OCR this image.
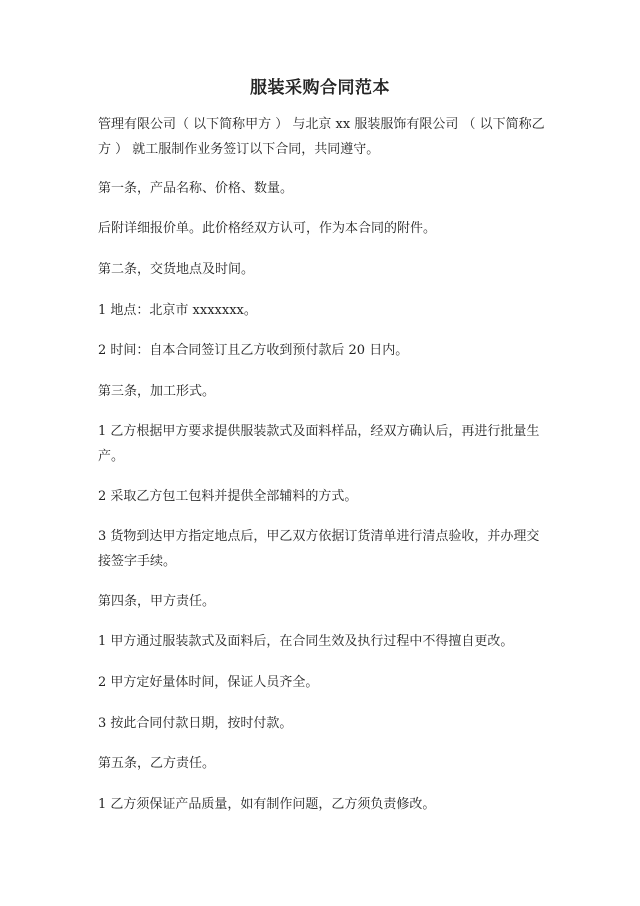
服装采购合同范本
管理有限公司（ 以下简称甲方 ） 与北京 xx 服装服饰有限公司 （ 以下简称乙
方 ） 就工服制作业务签订以下合同，共同遵守。
第一条，产品名称、价格、数量。
后附详细报价单。此价格经双方认可，作为本合同的附件。
第二条，交货地点及时间。
1 地点：北京市 xxxxxxx。
2 时间：自本合同签订且乙方收到预付款后 20 日内。
第三条，加工形式。
1 乙方根据甲方要求提供服装款式及面料样品，经双方确认后，再进行批量生
产。
2 采取乙方包工包料并提供全部辅料的方式。
3 货物到达甲方指定地点后，甲乙双方依据订货清单进行清点验收，并办理交
接签字手续。
第四条，甲方责任。
1 甲方通过服装款式及面料后，在合同生效及执行过程中不得擅自更改。
2 甲方定好量体时间，保证人员齐全。
3 按此合同付款日期，按时付款。
第五条，乙方责任。
1 乙方须保证产品质量，如有制作问题，乙方须负责修改。
